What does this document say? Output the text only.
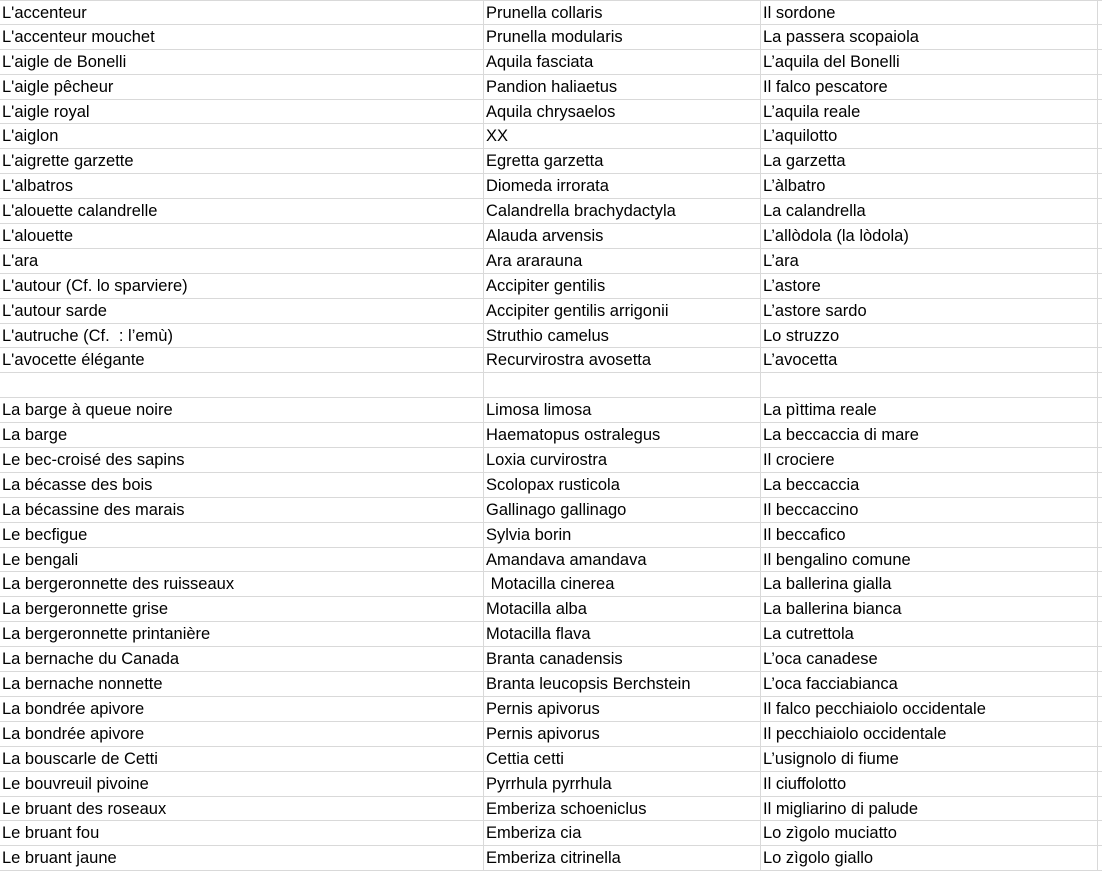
L'accenteur	Prunella collaris	Il sordone
L'accenteur mouchet	Prunella modularis	La passera scopaiola
L'aigle de Bonelli	Aquila fasciata	L’aquila del Bonelli
L'aigle pêcheur	Pandion haliaetus	Il falco pescatore
L'aigle royal	Aquila chrysaelos	L’aquila reale
L'aiglon	XX	L’aquilotto
L'aigrette garzette	Egretta garzetta	La garzetta
L'albatros	Diomeda irrorata	L’àlbatro
L'alouette calandrelle	Calandrella brachydactyla	La calandrella
L'alouette	Alauda arvensis	L’allòdola (la lòdola)
L'ara	Ara ararauna	L’ara
L'autour (Cf. lo sparviere)	Accipiter gentilis	L’astore
L'autour sarde	Accipiter gentilis arrigonii	L’astore sardo
L'autruche (Cf.  : l’emù)	Struthio camelus	Lo struzzo
L'avocette élégante	Recurvirostra avosetta	L’avocetta
La barge à queue noire	Limosa limosa	La pìttima reale
La barge	Haematopus ostralegus	La beccaccia di mare
Le bec-croisé des sapins	Loxia curvirostra	Il crociere
La bécasse des bois	Scolopax rusticola	La beccaccia
La bécassine des marais	Gallinago gallinago	Il beccaccino
Le becfigue	Sylvia borin	Il beccafico
Le bengali	Amandava amandava	Il bengalino comune
La bergeronnette des ruisseaux	Motacilla cinerea	La ballerina gialla
La bergeronnette grise	Motacilla alba	La ballerina bianca
La bergeronnette printanière	Motacilla flava	La cutrettola
La bernache du Canada	Branta canadensis	L’oca canadese
La bernache nonnette	Branta leucopsis Berchstein	L’oca facciabianca
La bondrée apivore	Pernis apivorus	Il falco pecchiaiolo occidentale
La bondrée apivore	Pernis apivorus	Il pecchiaiolo occidentale
La bouscarle de Cetti	Cettia cetti	L’usignolo di fiume
Le bouvreuil pivoine	Pyrrhula pyrrhula	Il ciuffolotto
Le bruant des roseaux	Emberiza schoeniclus	Il migliarino di palude
Le bruant fou	Emberiza cia	Lo zìgolo muciatto
Le bruant jaune	Emberiza citrinella	Lo zìgolo giallo
